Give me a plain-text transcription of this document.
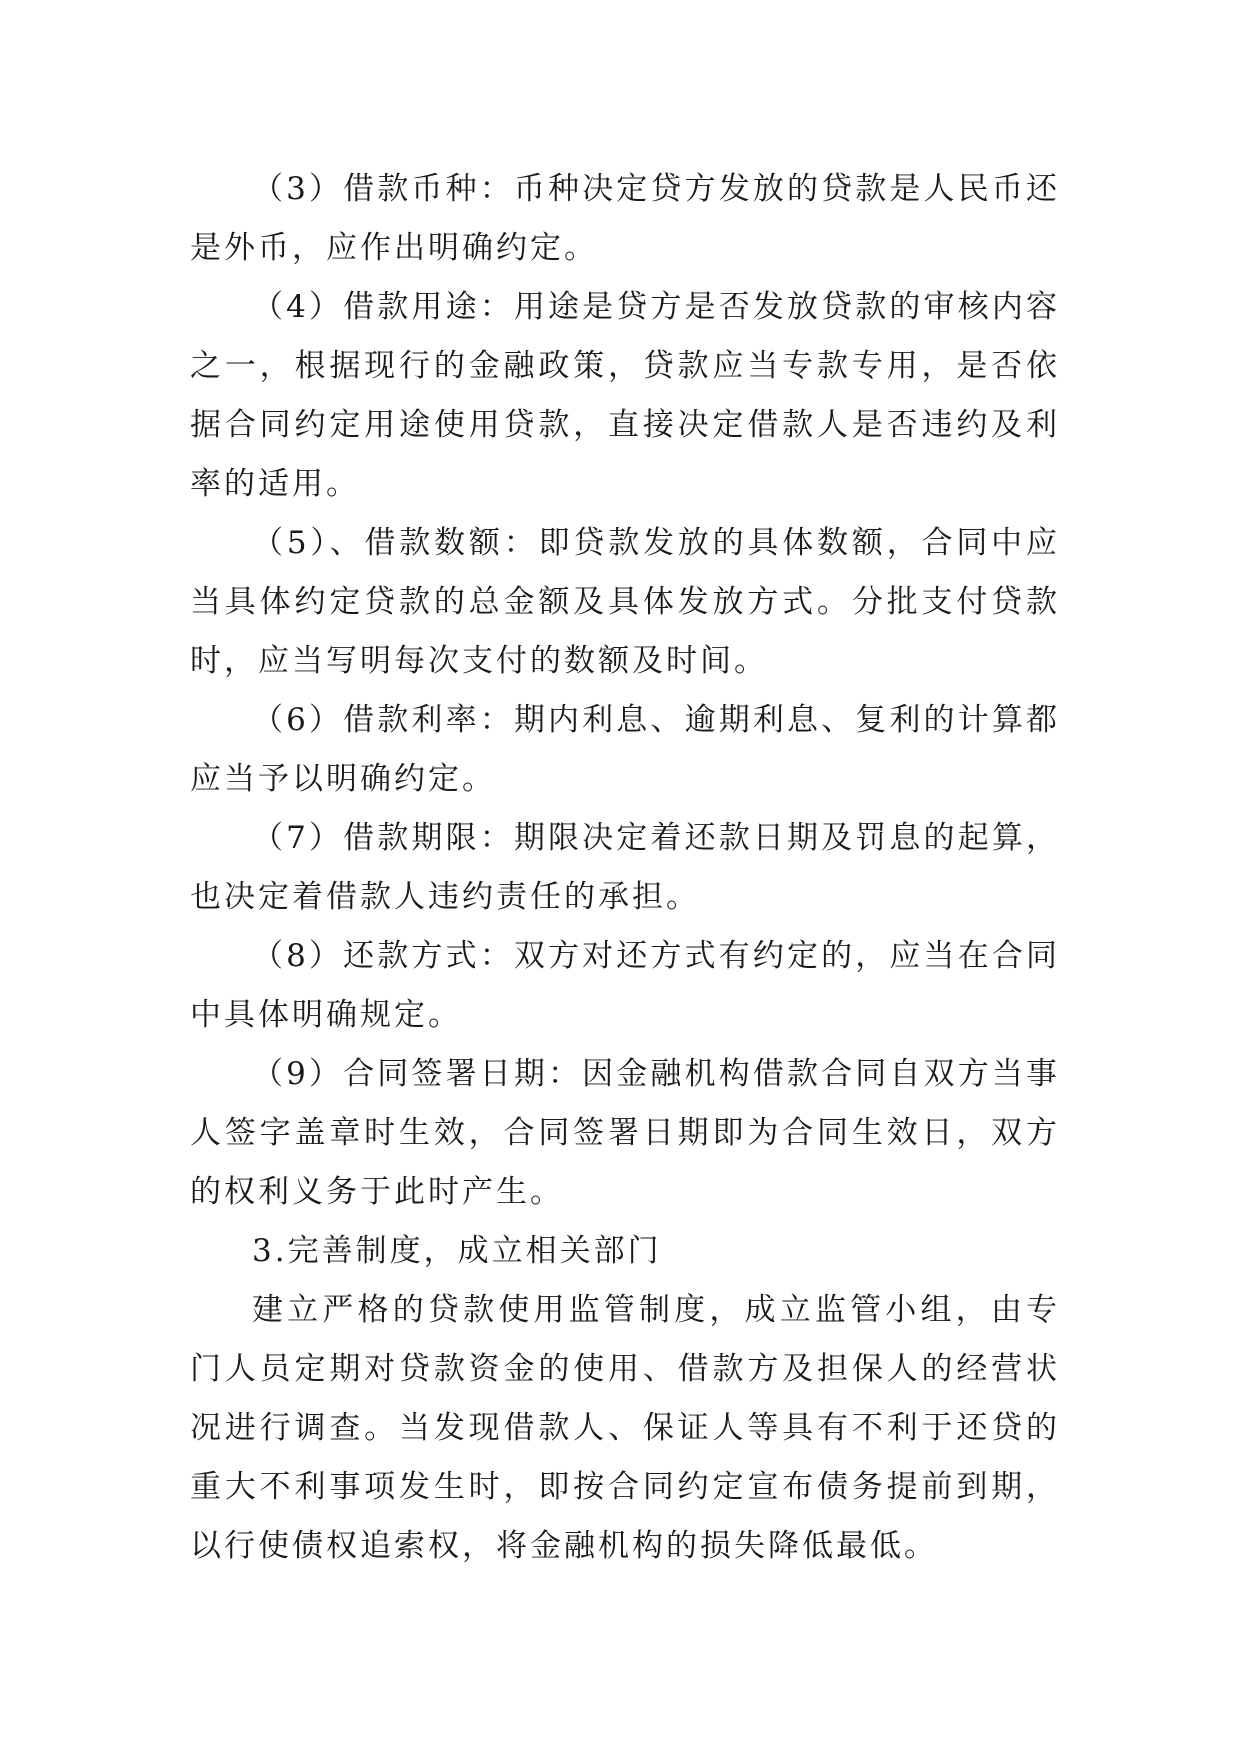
（3）借款币种：币种决定贷方发放的贷款是人民币还是外币，应作出明确约定。

（4）借款用途：用途是贷方是否发放贷款的审核内容之一，根据现行的金融政策，贷款应当专款专用，是否依据合同约定用途使用贷款，直接决定借款人是否违约及利率的适用。

（5）、借款数额：即贷款发放的具体数额，合同中应当具体约定贷款的总金额及具体发放方式。分批支付贷款时，应当写明每次支付的数额及时间。

（6）借款利率：期内利息、逾期利息、复利的计算都应当予以明确约定。

（7）借款期限：期限决定着还款日期及罚息的起算，也决定着借款人违约责任的承担。

（8）还款方式：双方对还方式有约定的，应当在合同中具体明确规定。

（9）合同签署日期：因金融机构借款合同自双方当事人签字盖章时生效，合同签署日期即为合同生效日，双方的权利义务于此时产生。

3.完善制度，成立相关部门

建立严格的贷款使用监管制度，成立监管小组，由专门人员定期对贷款资金的使用、借款方及担保人的经营状况进行调查。当发现借款人、保证人等具有不利于还贷的重大不利事项发生时，即按合同约定宣布债务提前到期，以行使债权追索权，将金融机构的损失降低最低。
